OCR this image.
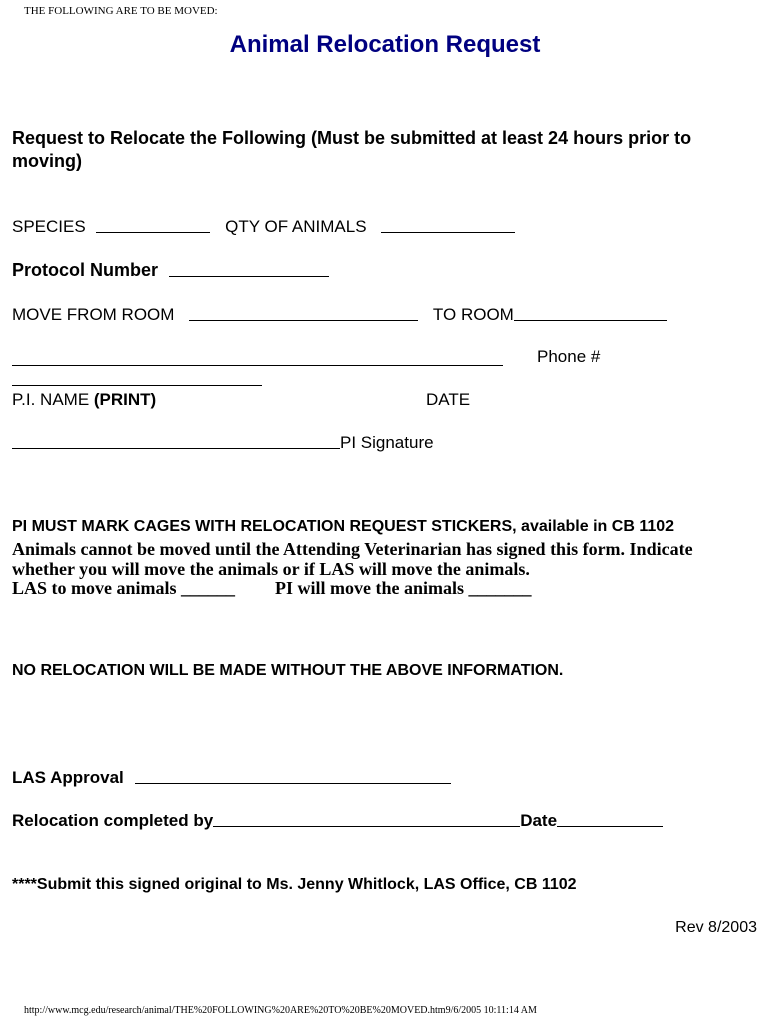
THE FOLLOWING ARE TO BE MOVED:
Animal Relocation Request
Request to Relocate the Following (Must be submitted at least 24 hours prior to
moving)
SPECIES	QTY OF ANIMALS
Protocol Number
MOVE FROM ROOM	TO ROOM
Phone #
P.I. NAME (PRINT)	DATE
PI Signature
PI MUST MARK CAGES WITH RELOCATION REQUEST STICKERS, available in CB 1102
Animals cannot be moved until the Attending Veterinarian has signed this form. Indicate
whether you will move the animals or if LAS will move the animals.
LAS to move animals ______ PI will move the animals _______
NO RELOCATION WILL BE MADE WITHOUT THE ABOVE INFORMATION.
LAS Approval
Relocation completed by	Date
****Submit this signed original to Ms. Jenny Whitlock, LAS Office, CB 1102
Rev 8/2003
http://www.mcg.edu/research/animal/THE%20FOLLOWING%20ARE%20TO%20BE%20MOVED.htm9/6/2005 10:11:14 AM
